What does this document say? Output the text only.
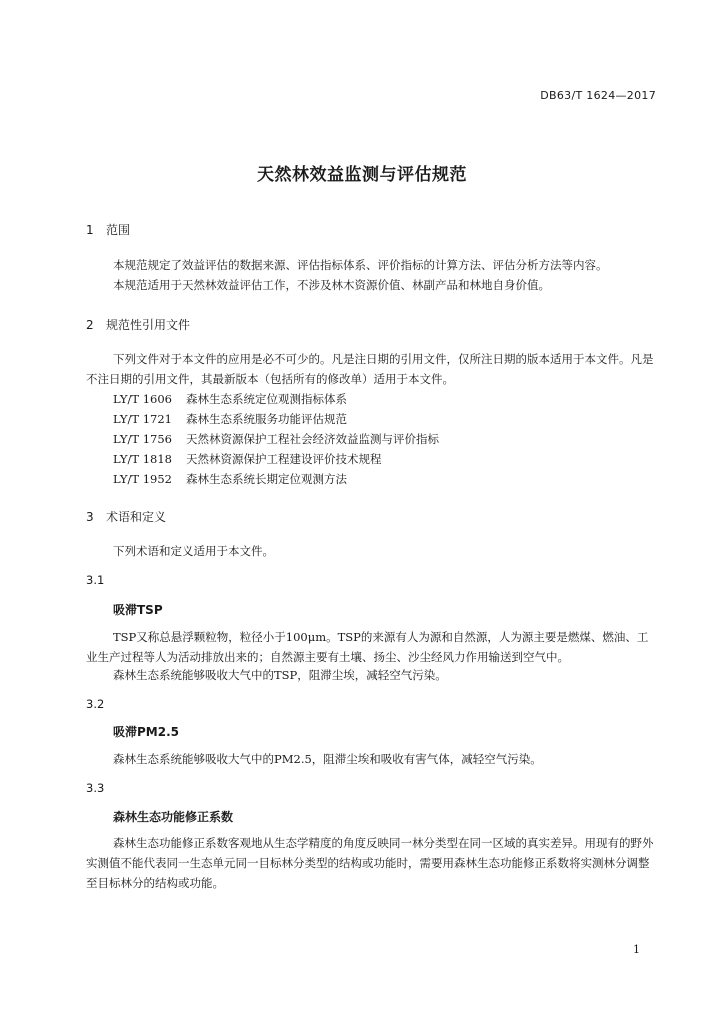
DB63/T 1624—2017
天然林效益监测与评估规范
1 范围
本规范规定了效益评估的数据来源、评估指标体系、评价指标的计算方法、评估分析方法等内容。
本规范适用于天然林效益评估工作，不涉及林木资源价值、林副产品和林地自身价值。
2 规范性引用文件
下列文件对于本文件的应用是必不可少的。凡是注日期的引用文件，仅所注日期的版本适用于本文件。凡是不注日期的引用文件，其最新版本（包括所有的修改单）适用于本文件。
LY/T 1606 森林生态系统定位观测指标体系
LY/T 1721 森林生态系统服务功能评估规范
LY/T 1756 天然林资源保护工程社会经济效益监测与评价指标
LY/T 1818 天然林资源保护工程建设评价技术规程
LY/T 1952 森林生态系统长期定位观测方法
3 术语和定义
下列术语和定义适用于本文件。
3.1
吸滞TSP
TSP又称总悬浮颗粒物，粒径小于100μm。TSP的来源有人为源和自然源，人为源主要是燃煤、燃油、工业生产过程等人为活动排放出来的；自然源主要有土壤、扬尘、沙尘经风力作用输送到空气中。
森林生态系统能够吸收大气中的TSP，阻滞尘埃，减轻空气污染。
3.2
吸滞PM2.5
森林生态系统能够吸收大气中的PM2.5，阻滞尘埃和吸收有害气体，减轻空气污染。
3.3
森林生态功能修正系数
森林生态功能修正系数客观地从生态学精度的角度反映同一林分类型在同一区域的真实差异。用现有的野外实测值不能代表同一生态单元同一目标林分类型的结构或功能时，需要用森林生态功能修正系数将实测林分调整至目标林分的结构或功能。
1
